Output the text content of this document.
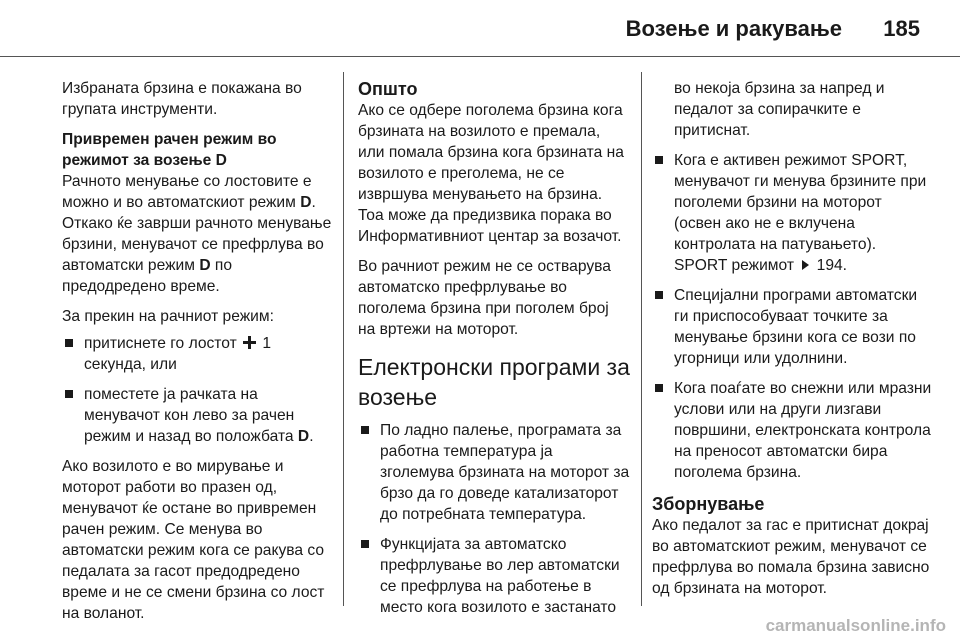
Возење и ракување 185

Избраната брзина е покажана во групата инструменти.

Привремен рачен режим во режимот за возење D

Рачното менување со лостовите е можно и во автоматскиот режим D. Откако ќе заврши рачното менување брзини, менувачот се префрлува во автоматски режим D по предодредено време.

За прекин на рачниот режим:

притиснете го лостот  1 секунда, или
поместете ја рачката на менувачот кон лево за рачен режим и назад во положбата D.

Ако возилото е во мирување и моторот работи во празен од, менувачот ќе остане во привремен рачен режим. Се менува во автоматски режим кога се ракува со педалата за гасот предодредено време и не се смени брзина со лост на воланот.

Општо

Ако се одбере поголема брзина кога брзината на возилото е премала, или помала брзина кога брзината на возилото е преголема, не се извршува менувањето на брзина. Тоа може да предизвика порака во Информативниот центар за возачот.

Во рачниот режим не се остварува автоматско префрлување во поголема брзина при поголем број на вртежи на моторот.

Електронски програми за возење
По ладно палење, програмата за работна температура ја зголемува брзината на моторот за брзо да го доведе катализаторот до потребната температура.
Функцијата за автоматско префрлување во лер автоматски се префрлува на работење в место кога возилото е застанато

во некоја брзина за напред и педалот за сопирачките е притиснат.

Кога е активен режимот SPORT, менувачот ги менува брзините при поголеми брзини на моторот (освен ако не е вклучена контролата на патувањето).
SPORT режимот  194.
Специјални програми автоматски ги приспособуваат точките за менување брзини кога се вози по угорници или удолнини.
Кога поаѓате во снежни или мразни услови или на други лизгави површини, електронската контрола на преносот автоматски бира поголема брзина.

Зборнување

Ако педалот за гас е притиснат докрај во автоматскиот режим, менувачот се префрлува во помала брзина зависно од брзината на моторот.

carmanualsonline.info
